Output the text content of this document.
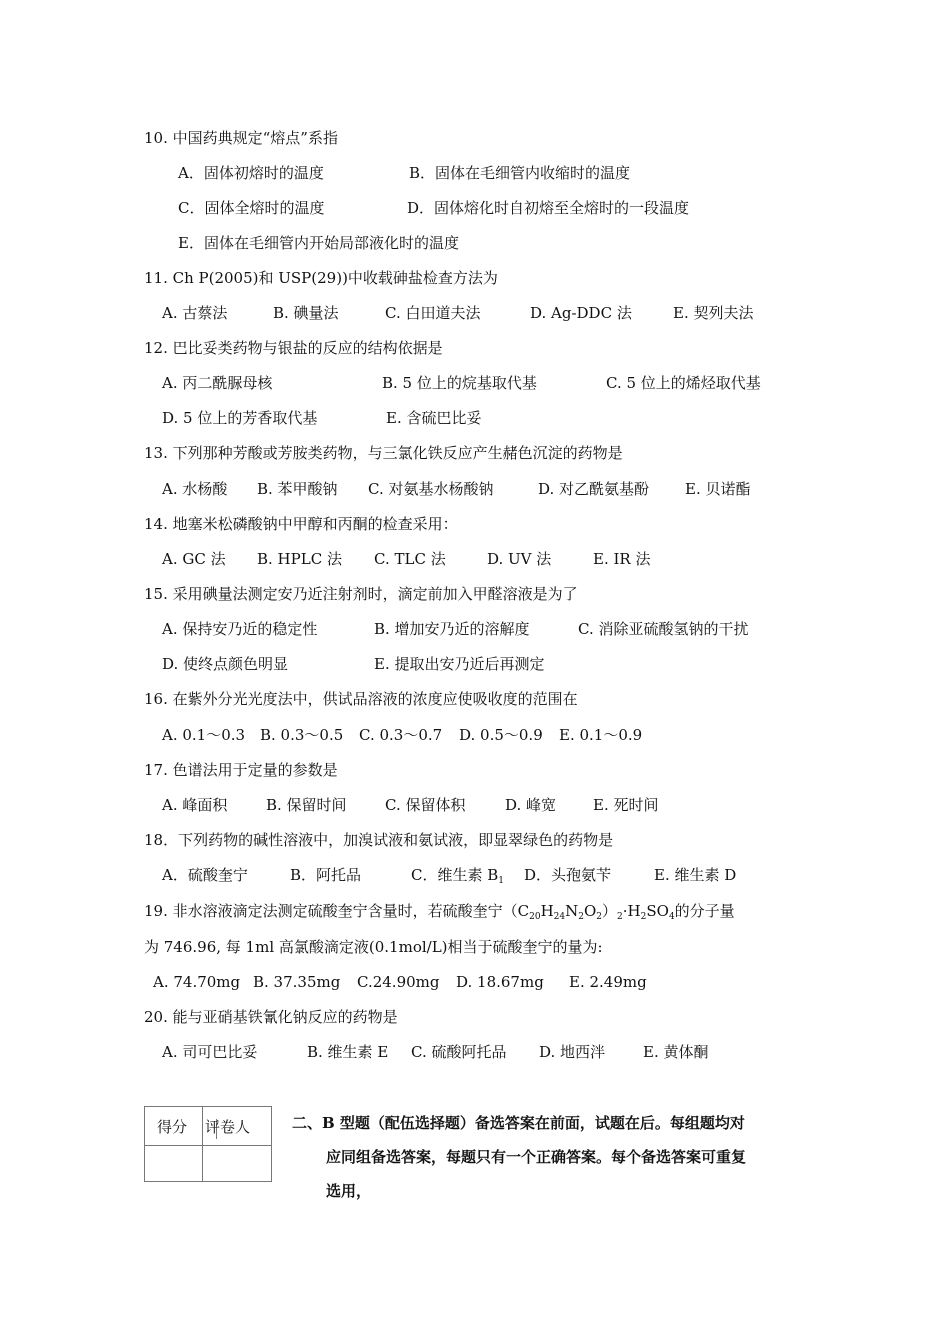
10. 中国药典规定“熔点”系指
A．固体初熔时的温度	B．固体在毛细管内收缩时的温度
C．固体全熔时的温度	D．固体熔化时自初熔至全熔时的一段温度
E．固体在毛细管内开始局部液化时的温度
11. Ch P(2005)和 USP(29))中收载砷盐检查方法为
A. 古蔡法	B. 碘量法	C. 白田道夫法	D. Ag-DDC 法	E. 契列夫法
12. 巴比妥类药物与银盐的反应的结构依据是
A. 丙二酰脲母核	B. 5 位上的烷基取代基	C. 5 位上的烯烃取代基
D. 5 位上的芳香取代基	E. 含硫巴比妥
13. 下列那种芳酸或芳胺类药物，与三氯化铁反应产生赭色沉淀的药物是
A. 水杨酸 B. 苯甲酸钠 C. 对氨基水杨酸钠	D. 对乙酰氨基酚 E. 贝诺酯
14. 地塞米松磷酸钠中甲醇和丙酮的检查采用：
A. GC 法 B. HPLC 法 C. TLC 法	D. UV 法	E. IR 法
15. 采用碘量法测定安乃近注射剂时，滴定前加入甲醛溶液是为了
A. 保持安乃近的稳定性	B. 增加安乃近的溶解度	C. 消除亚硫酸氢钠的干扰
D. 使终点颜色明显	E. 提取出安乃近后再测定
16. 在紫外分光光度法中，供试品溶液的浓度应使吸收度的范围在
A. 0.1～0.3 B. 0.3～0.5 C. 0.3～0.7 D. 0.5～0.9 E. 0.1～0.9
17. 色谱法用于定量的参数是
A. 峰面积	B. 保留时间	C. 保留体积	D. 峰宽 E. 死时间
18．下列药物的碱性溶液中，加溴试液和氨试液，即显翠绿色的药物是
A．硫酸奎宁	B．阿托品	C．维生素 $B_1$ D．头孢氨苄	E. 维生素 D
19. 非水溶液滴定法测定硫酸奎宁含量时，若硫酸奎宁$(C_{20}H_{24}N_2O_2)_2\cdot H_2SO_4$的分子量
为 746.96, 每 1ml 高氯酸滴定液(0.1mol/L)相当于硫酸奎宁的量为:
A. 74.70mg B. 37.35mg C.24.90mg D. 18.67mg E. 2.49mg
20. 能与亚硝基铁氰化钠反应的药物是
A. 司可巴比妥	B. 维生素 E C. 硫酸阿托品 D. 地西泮	E. 黄体酮
得分 评卷人	二、B 型题（配伍选择题）备选答案在前面，试题在后。每组题均对
应同组备选答案，每题只有一个正确答案。每个备选答案可重复
选用，
